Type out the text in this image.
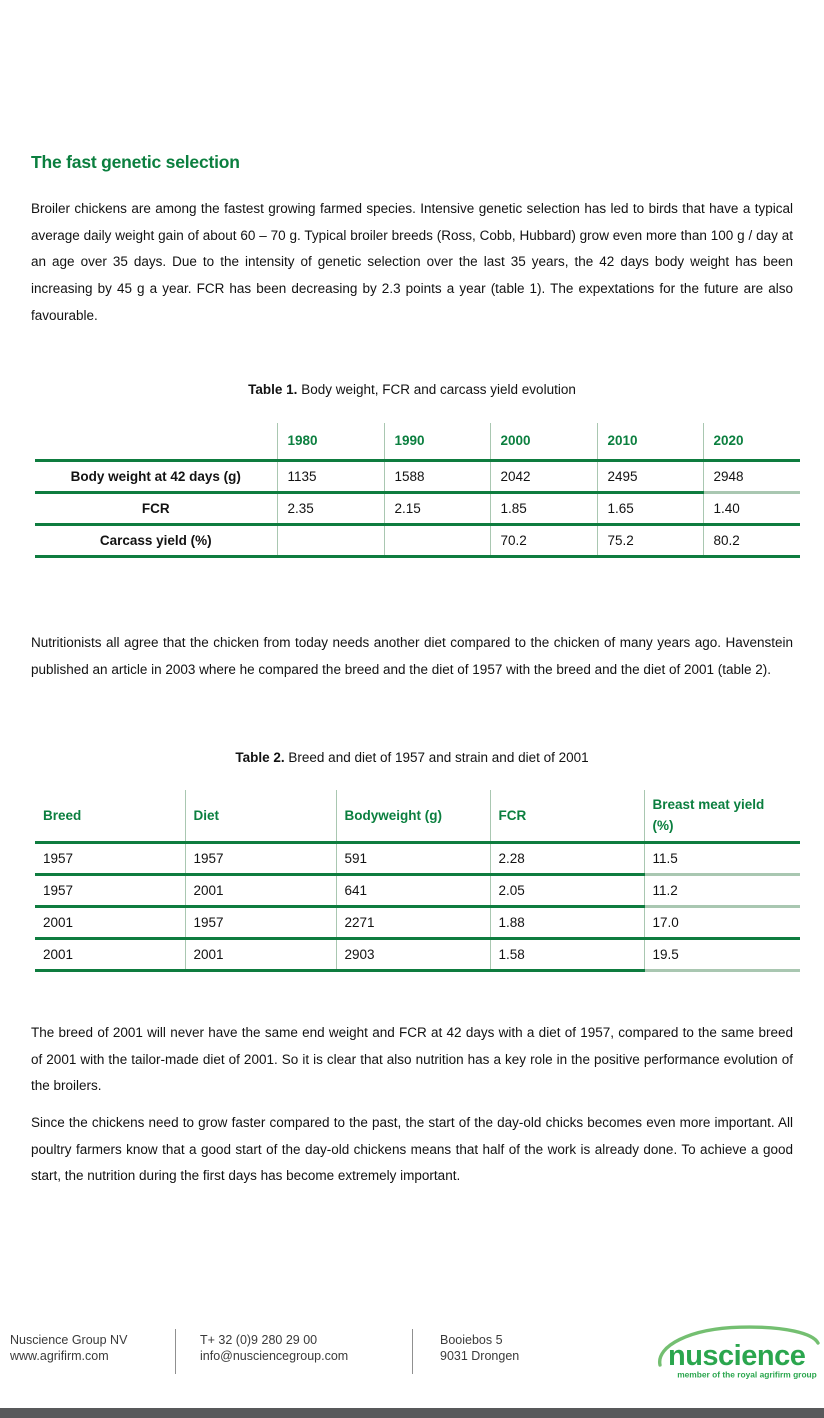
The fast genetic selection

Broiler chickens are among the fastest growing farmed species. Intensive genetic selection has led to birds that have a typical average daily weight gain of about 60 – 70 g. Typical broiler breeds (Ross, Cobb, Hubbard) grow even more than 100 g / day at an age over 35 days. Due to the intensity of genetic selection over the last 35 years, the 42 days body weight has been increasing by 45 g a year. FCR has been decreasing by 2.3 points a year (table 1). The expextations for the future are also favourable.

Table 1. Body weight, FCR and carcass yield evolution
	1980	1990	2000	2010	2020
Body weight at 42 days (g)	1135	1588	2042	2495	2948
FCR	2.35	2.15	1.85	1.65	1.40
Carcass yield (%)			70.2	75.2	80.2

Nutritionists all agree that the chicken from today needs another diet compared to the chicken of many years ago. Havenstein published an article in 2003 where he compared the breed and the diet of 1957 with the breed and the diet of 2001 (table 2).

Table 2. Breed and diet of 1957 and strain and diet of 2001
Breed	Diet	Bodyweight (g)	FCR	Breast meat yield (%)
1957	1957	591	2.28	11.5
1957	2001	641	2.05	11.2
2001	1957	2271	1.88	17.0
2001	2001	2903	1.58	19.5

The breed of 2001 will never have the same end weight and FCR at 42 days with a diet of 1957, compared to the same breed of 2001 with the tailor-made diet of 2001. So it is clear that also nutrition has a key role in the positive performance evolution of the broilers.

Since the chickens need to grow faster compared to the past, the start of the day-old chicks becomes even more important. All poultry farmers know that a good start of the day-old chickens means that half of the work is already done. To achieve a good start, the nutrition during the first days has become extremely important.

Nuscience Group NV
www.agrifirm.com
T+ 32 (0)9 280 29 00
info@nusciencegroup.com
Booiebos 5
9031 Drongen	nuscience
member of the royal agrifirm group
